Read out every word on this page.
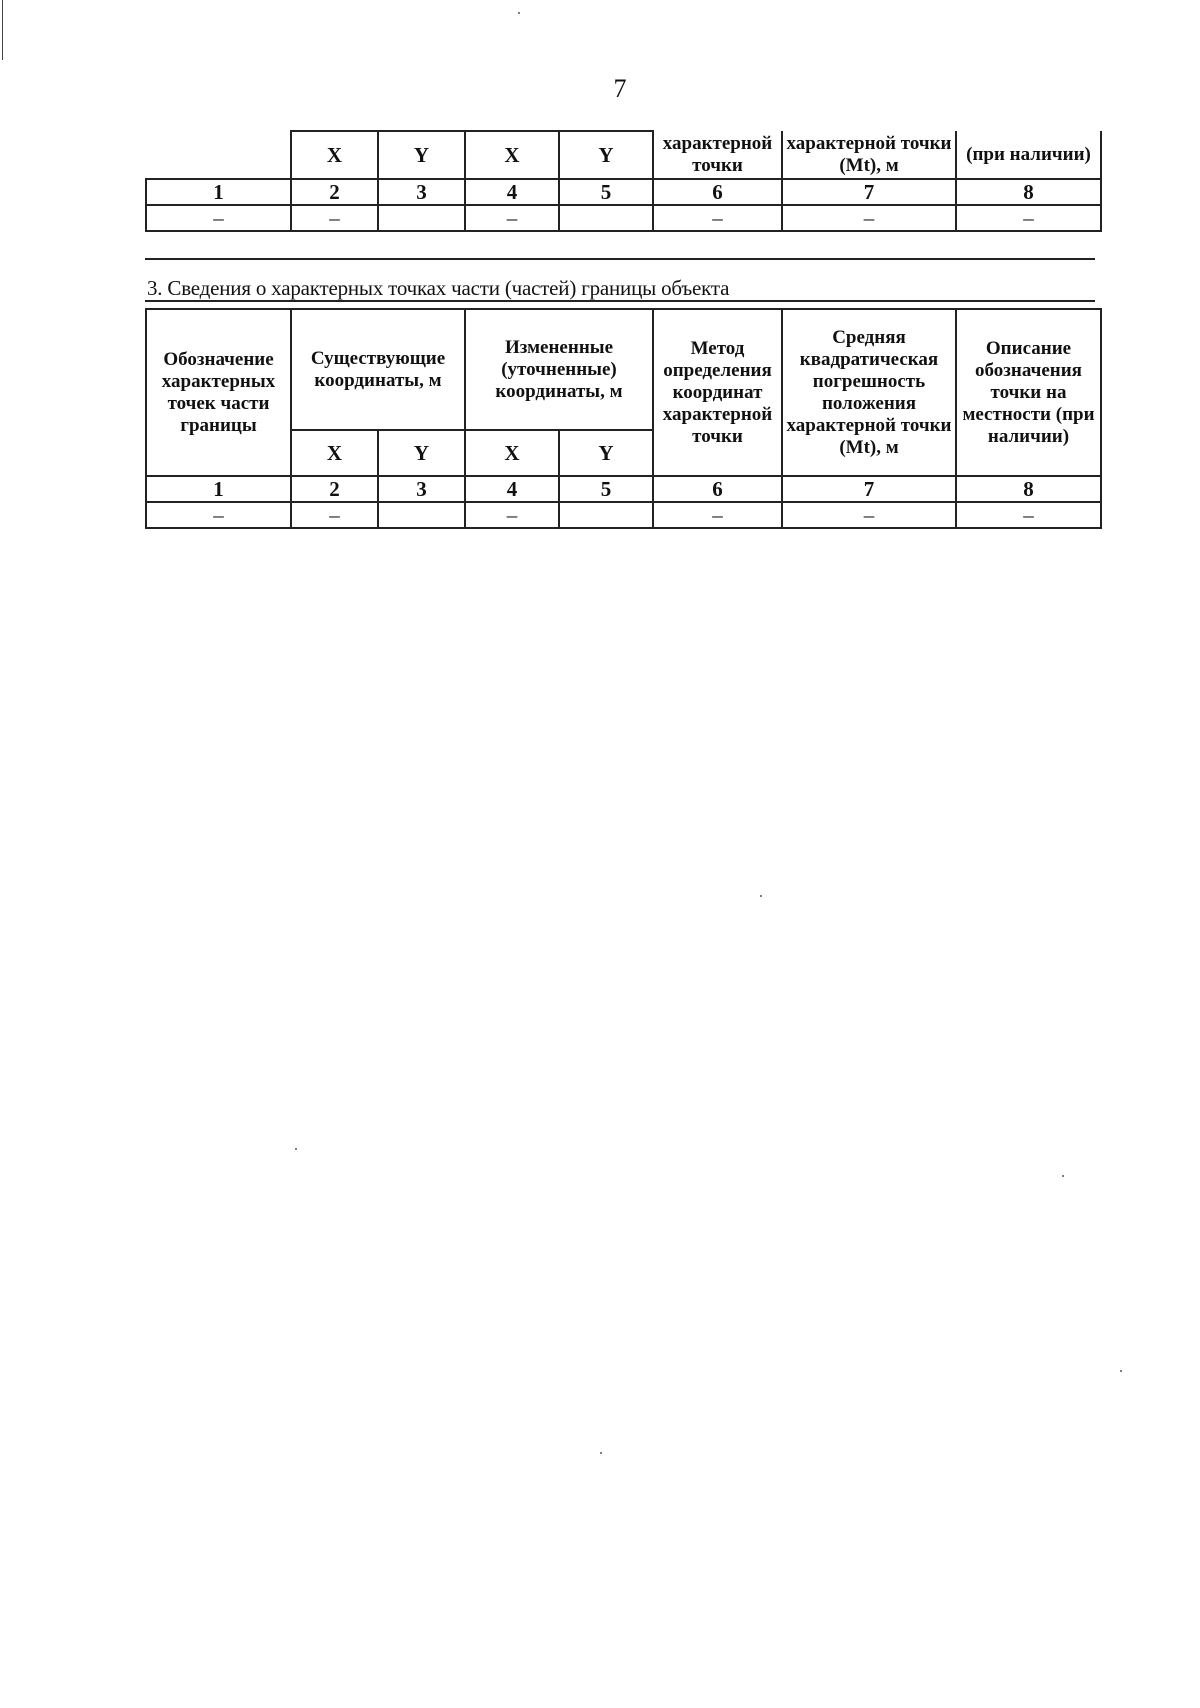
7
	X	Y	X	Y	характерной точки	характерной точки (Mt), м	(при наличии)
1	2	3	4	5	6	7	8
–	–		–		–	–	–
3. Сведения о характерных точках части (частей) границы объекта
Обозначение характерных точек части границы	Существующие координаты, м		Измененные (уточненные) координаты, м		Метод определения координат характерной точки	Средняя квадратическая погрешность положения характерной точки (Mt), м	Описание обозначения точки на местности (при наличии)
	X	Y	X	Y			
1	2	3	4	5	6	7	8
–	–		–		–	–	–
